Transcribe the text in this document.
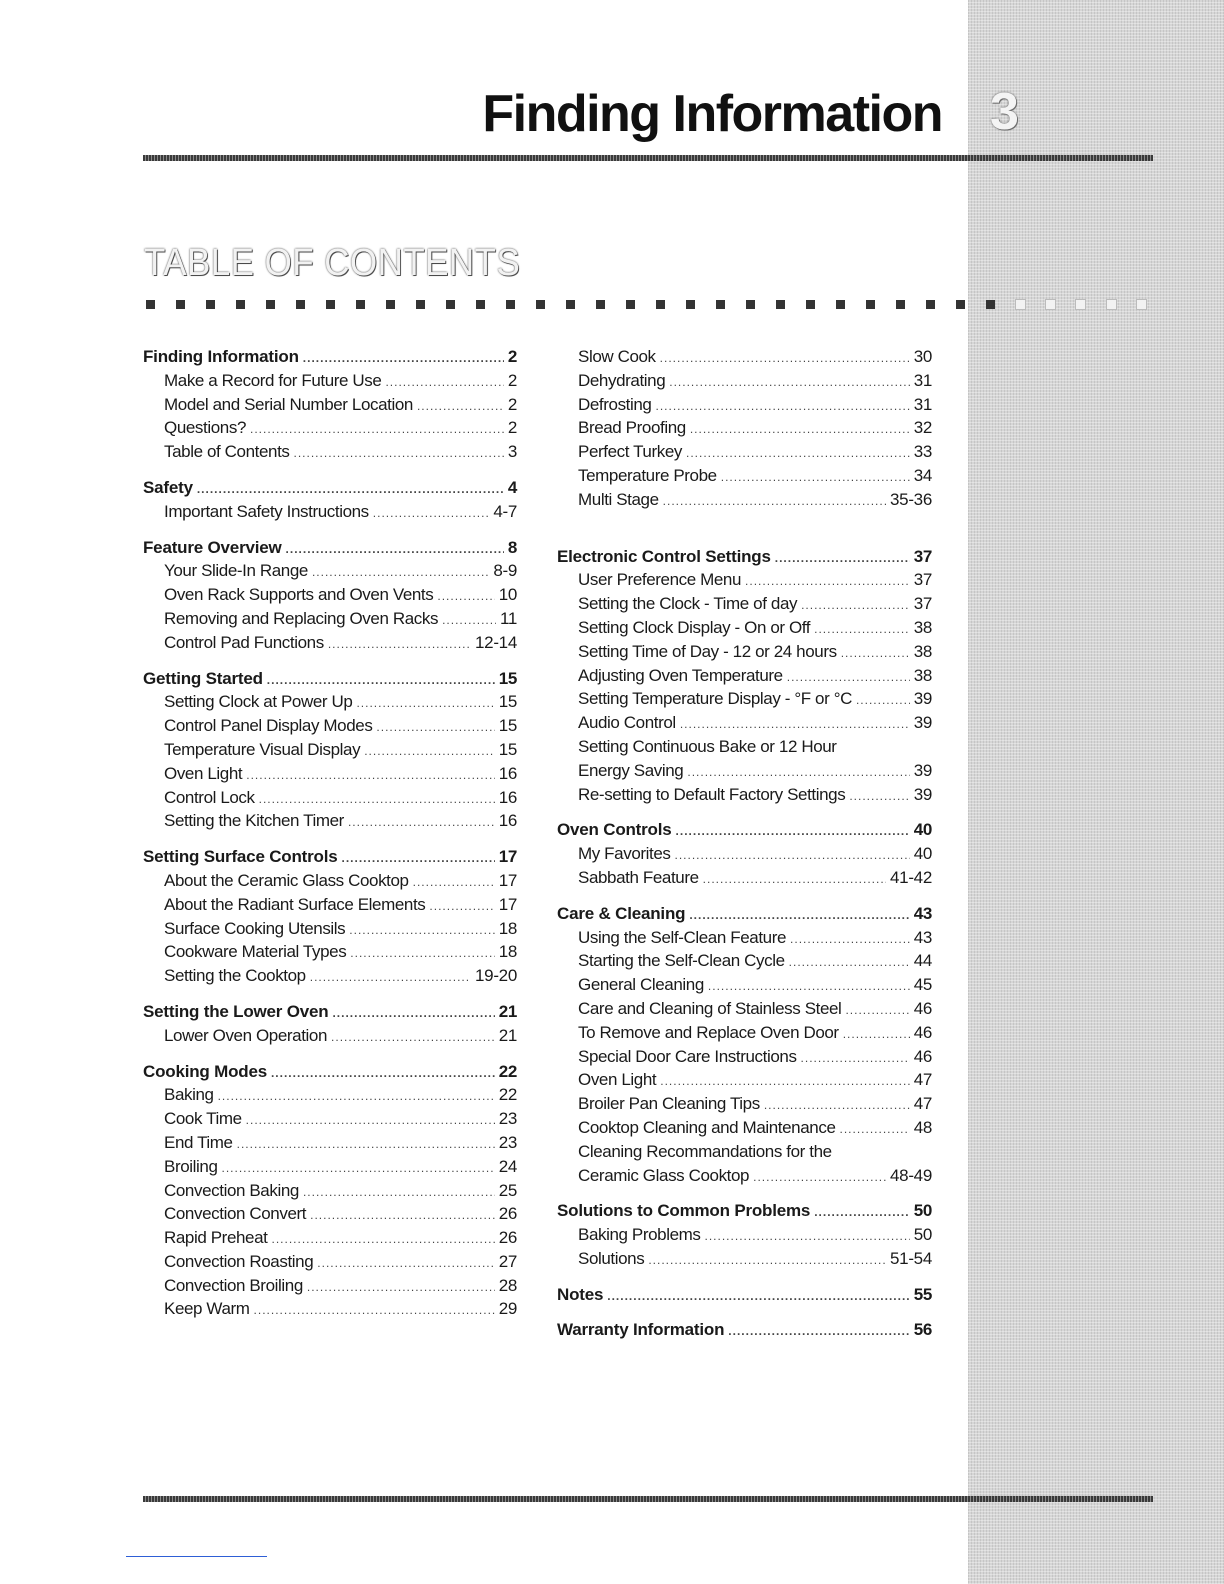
Finding Information 3
TABLE OF CONTENTS
Finding Information .....	2
Make a Record for Future Use .....	2
Model and Serial Number Location .....	2
Questions? .....	2
Table of Contents .....	3
Safety .....	4
Important Safety Instructions .....	4-7
Feature Overview .....	8
Your Slide-In Range .....	8-9
Oven Rack Supports and Oven Vents .....	10
Removing and Replacing Oven Racks .....	11
Control Pad Functions .....	12-14
Getting Started .....	15
Setting Clock at Power Up .....	15
Control Panel Display Modes .....	15
Temperature Visual Display .....	15
Oven Light .....	16
Control Lock .....	16
Setting the Kitchen Timer .....	16
Setting Surface Controls .....	17
About the Ceramic Glass Cooktop .....	17
About the Radiant Surface Elements .....	17
Surface Cooking Utensils .....	18
Cookware Material Types .....	18
Setting the Cooktop .....	19-20
Setting the Lower Oven .....	21
Lower Oven Operation .....	21
Cooking Modes .....	22
Baking .....	22
Cook Time .....	23
End Time .....	23
Broiling .....	24
Convection Baking .....	25
Convection Convert .....	26
Rapid Preheat .....	26
Convection Roasting .....	27
Convection Broiling .....	28
Keep Warm .....	29
Slow Cook .....	30
Dehydrating .....	31
Defrosting .....	31
Bread Proofing .....	32
Perfect Turkey .....	33
Temperature Probe .....	34
Multi Stage .....	35-36
Electronic Control Settings .....	37
User Preference Menu .....	37
Setting the Clock - Time of day .....	37
Setting Clock Display - On or Off .....	38
Setting Time of Day - 12 or 24 hours .....	38
Adjusting Oven Temperature .....	38
Setting Temperature Display - °F or °C .....	39
Audio Control .....	39
Setting Continuous Bake or 12 Hour
Energy Saving .....	39
Re-setting to Default Factory Settings .....	39
Oven Controls .....	40
My Favorites .....	40
Sabbath Feature .....	41-42
Care & Cleaning .....	43
Using the Self-Clean Feature .....	43
Starting the Self-Clean Cycle .....	44
General Cleaning .....	45
Care and Cleaning of Stainless Steel .....	46
To Remove and Replace Oven Door .....	46
Special Door Care Instructions .....	46
Oven Light .....	47
Broiler Pan Cleaning Tips .....	47
Cooktop Cleaning and Maintenance .....	48
Cleaning Recommandations for the
Ceramic Glass Cooktop .....	48-49
Solutions to Common Problems .....	50
Baking Problems .....	50
Solutions .....	51-54
Notes .....	55
Warranty Information .....	56
